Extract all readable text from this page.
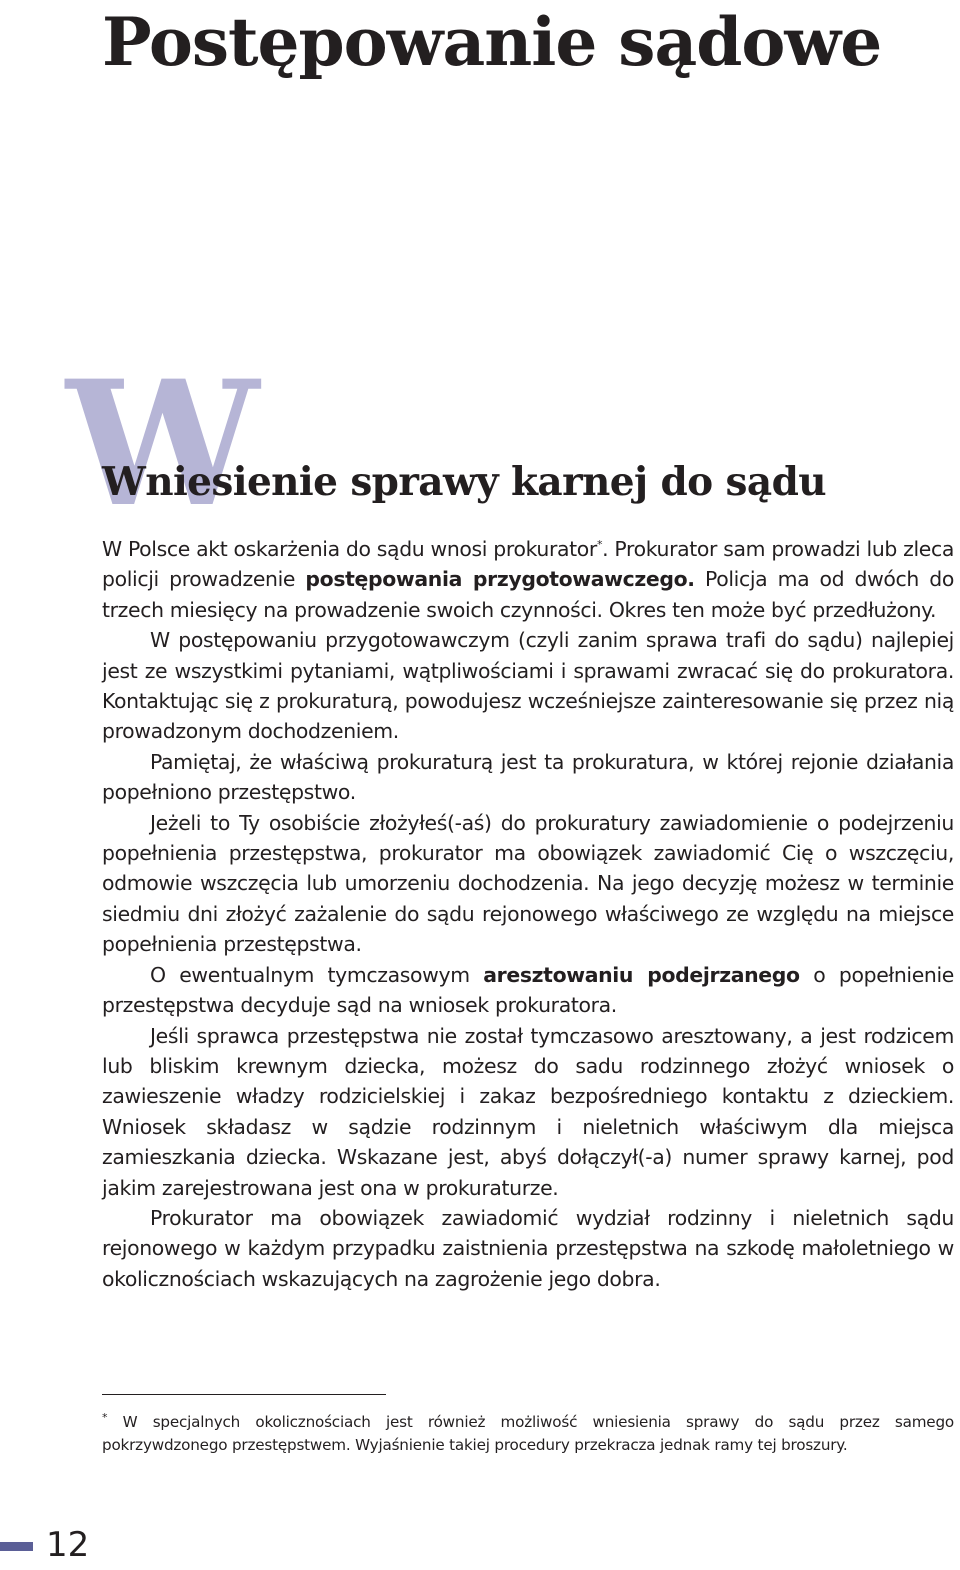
Postępowanie sądowe
W
Wniesienie sprawy karnej do sądu

W Polsce akt oskarżenia do sądu wnosi prokurator*. Prokurator sam prowadzi lub zleca policji prowadzenie postępowania przygotowawczego. Policja ma od dwóch do trzech miesięcy na prowadzenie swoich czynności. Okres ten może być przedłużony.

W postępowaniu przygotowawczym (czyli zanim sprawa trafi do sądu) najlepiej jest ze wszystkimi pytaniami, wątpliwościami i sprawami zwracać się do prokuratora. Kontaktując się z prokuraturą, powodujesz wcześniejsze zainteresowanie się przez nią prowadzonym dochodzeniem.

Pamiętaj, że właściwą prokuraturą jest ta prokuratura, w której rejonie działania popełniono przestępstwo.

Jeżeli to Ty osobiście złożyłeś(-aś) do prokuratury zawiadomienie o podejrzeniu popełnienia przestępstwa, prokurator ma obowiązek zawiadomić Cię o wszczęciu, odmowie wszczęcia lub umorzeniu dochodzenia. Na jego decyzję możesz w terminie siedmiu dni złożyć zażalenie do sądu rejonowego właściwego ze względu na miejsce popełnienia przestępstwa.

O ewentualnym tymczasowym aresztowaniu podejrzanego o popełnienie przestępstwa decyduje sąd na wniosek prokuratora.

Jeśli sprawca przestępstwa nie został tymczasowo aresztowany, a jest rodzicem lub bliskim krewnym dziecka, możesz do sadu rodzinnego złożyć wniosek o zawieszenie władzy rodzicielskiej i zakaz bezpośredniego kontaktu z dzieckiem. Wniosek składasz w sądzie rodzinnym i nieletnich właściwym dla miejsca zamieszkania dziecka. Wskazane jest, abyś dołączył(-a) numer sprawy karnej, pod jakim zarejestrowana jest ona w prokuraturze.

Prokurator ma obowiązek zawiadomić wydział rodzinny i nieletnich sądu rejonowego w każdym przypadku zaistnienia przestępstwa na szkodę małoletniego w okolicznościach wskazujących na zagrożenie jego dobra.

* W specjalnych okolicznościach jest również możliwość wniesienia sprawy do sądu przez samego pokrzywdzonego przestępstwem. Wyjaśnienie takiej procedury przekracza jednak ramy tej broszury.

12
